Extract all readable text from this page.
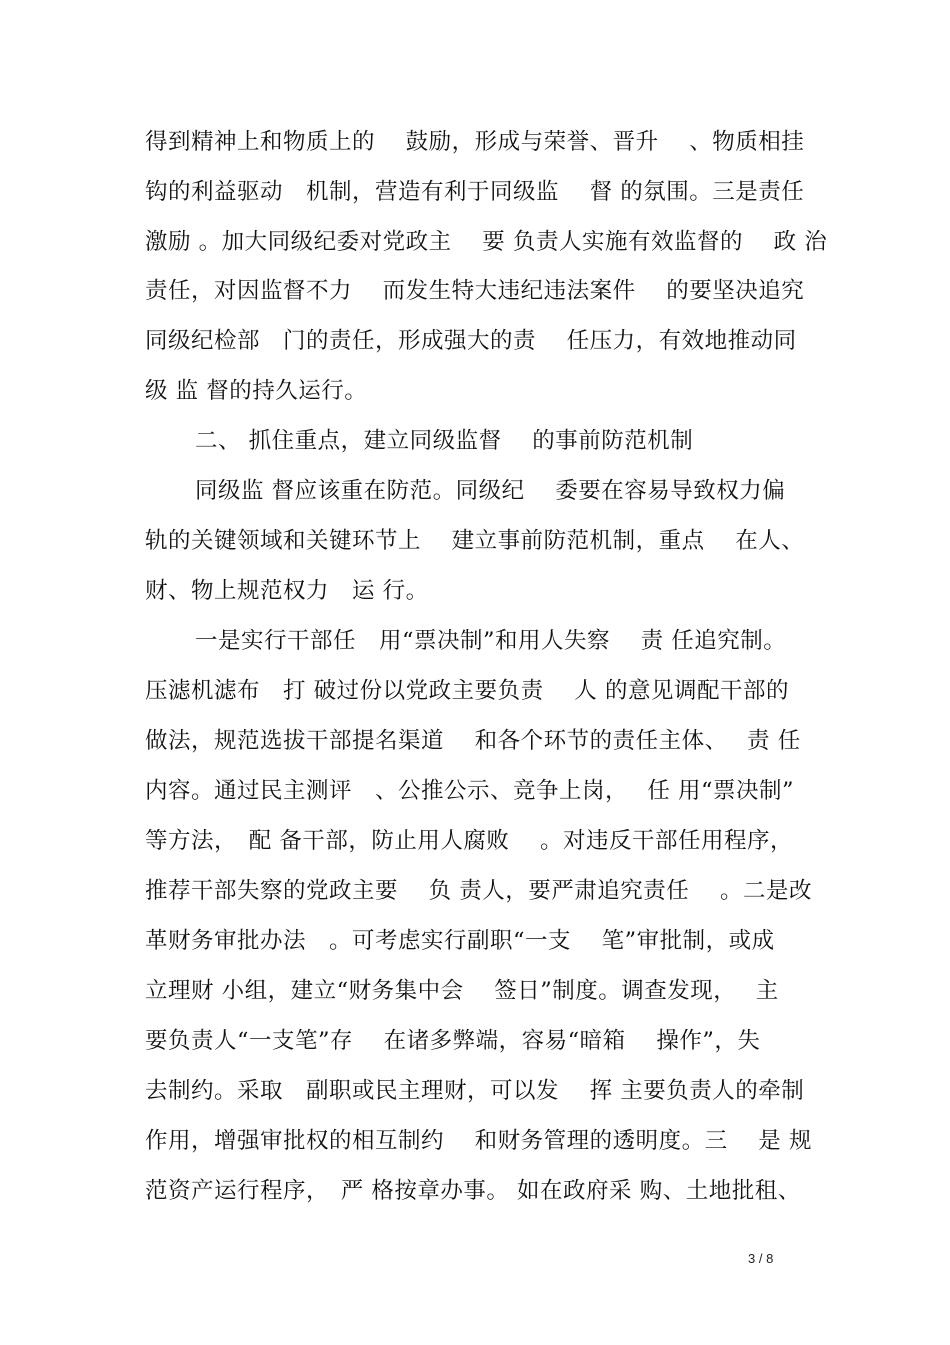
得到精神上和物质上的　 鼓励，形成与荣誉、晋升　 、物质相挂
钩的利益驱动　机制，营造有利于同级监　 督 的氛围。三是责任
激励 。加大同级纪委对党政主　 要 负责人实施有效监督的　 政 治
责任，对因监督不力　 而发生特大违纪违法案件　 的要坚决追究
同级纪检部　门的责任，形成强大的责　 任压力，有效地推动同
级 监 督的持久运行。
二、 抓住重点，建立同级监督　 的事前防范机制
同级监 督应该重在防范。同级纪　 委要在容易导致权力偏
轨的关键领域和关键环节上　 建立事前防范机制，重点　 在人、
财、物上规范权力　运 行。
一是实行干部任　用“票决制”和用人失察　 责 任追究制。
压滤机滤布　打 破过份以党政主要负责　 人 的意见调配干部的
做法，规范选拔干部提名渠道　 和各个环节的责任主体、　 责 任
内容。通过民主测评　、公推公示、竞争上岗，　 任 用“票决制”
等方法，　配 备干部，防止用人腐败　 。对违反干部任用程序，
推荐干部失察的党政主要　 负 责人，要严肃追究责任　 。二是改
革财务审批办法　。可考虑实行副职“一支　 笔”审批制，或成
立理财 小组，建立“财务集中会　 签日”制度。调查发现，　 主
要负责人“一支笔”存　 在诸多弊端，容易“暗箱　 操作”，失
去制约。采取　副职或民主理财，可以发　 挥 主要负责人的牵制
作用，增强审批权的相互制约　 和财务管理的透明度。三　 是 规
范资产运行程序，　严 格按章办事。 如在政府采 购、土地批租、
3 / 8
